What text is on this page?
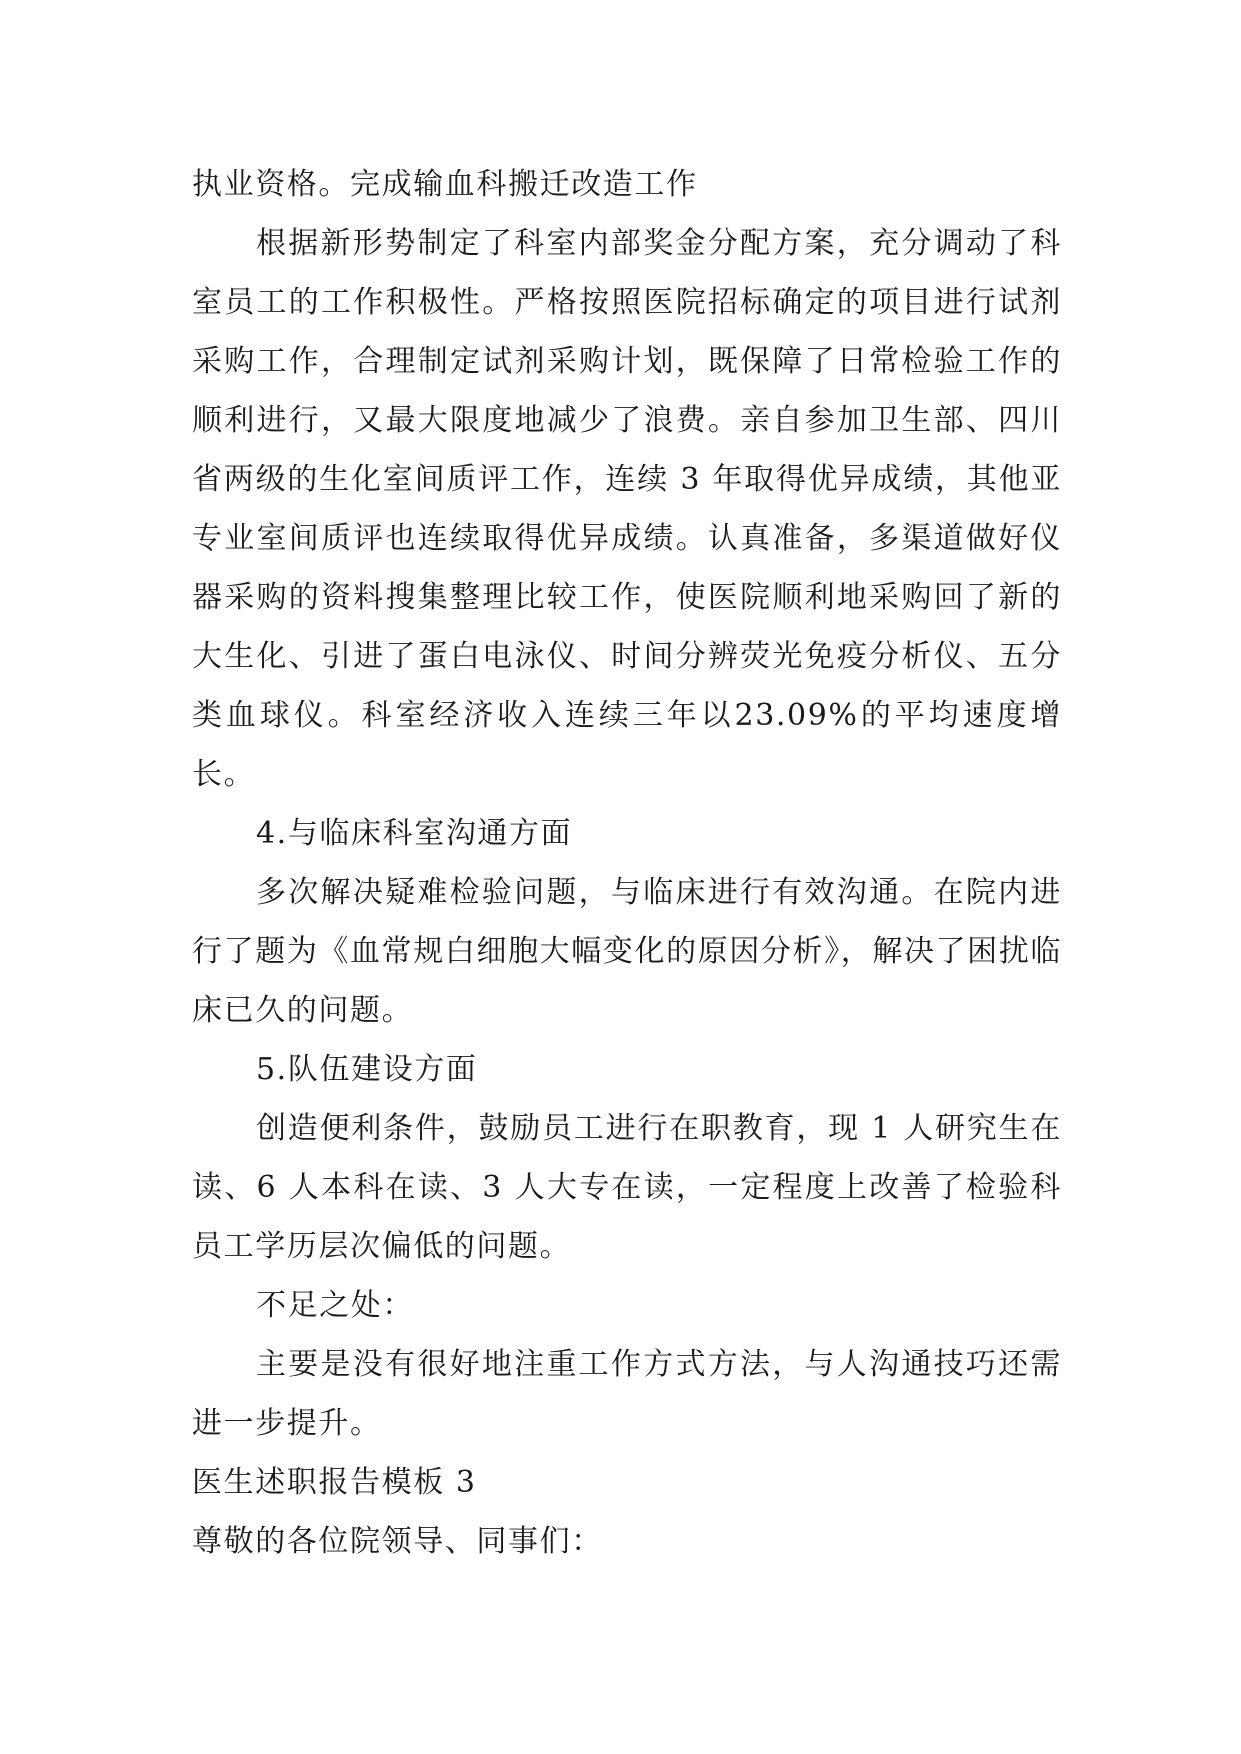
执业资格。完成输血科搬迁改造工作

根据新形势制定了科室内部奖金分配方案，充分调动了科室员工的工作积极性。严格按照医院招标确定的项目进行试剂采购工作，合理制定试剂采购计划，既保障了日常检验工作的顺利进行，又最大限度地减少了浪费。亲自参加卫生部、四川省两级的生化室间质评工作，连续 3 年取得优异成绩，其他亚专业室间质评也连续取得优异成绩。认真准备，多渠道做好仪器采购的资料搜集整理比较工作，使医院顺利地采购回了新的大生化、引进了蛋白电泳仪、时间分辨荧光免疫分析仪、五分类血球仪。科室经济收入连续三年以23.09%的平均速度增长。

4.与临床科室沟通方面

多次解决疑难检验问题，与临床进行有效沟通。在院内进行了题为《血常规白细胞大幅变化的原因分析》，解决了困扰临床已久的问题。

5.队伍建设方面

创造便利条件，鼓励员工进行在职教育，现 1 人研究生在读、6 人本科在读、3 人大专在读，一定程度上改善了检验科员工学历层次偏低的问题。

不足之处：

主要是没有很好地注重工作方式方法，与人沟通技巧还需进一步提升。

医生述职报告模板 3

尊敬的各位院领导、同事们：
